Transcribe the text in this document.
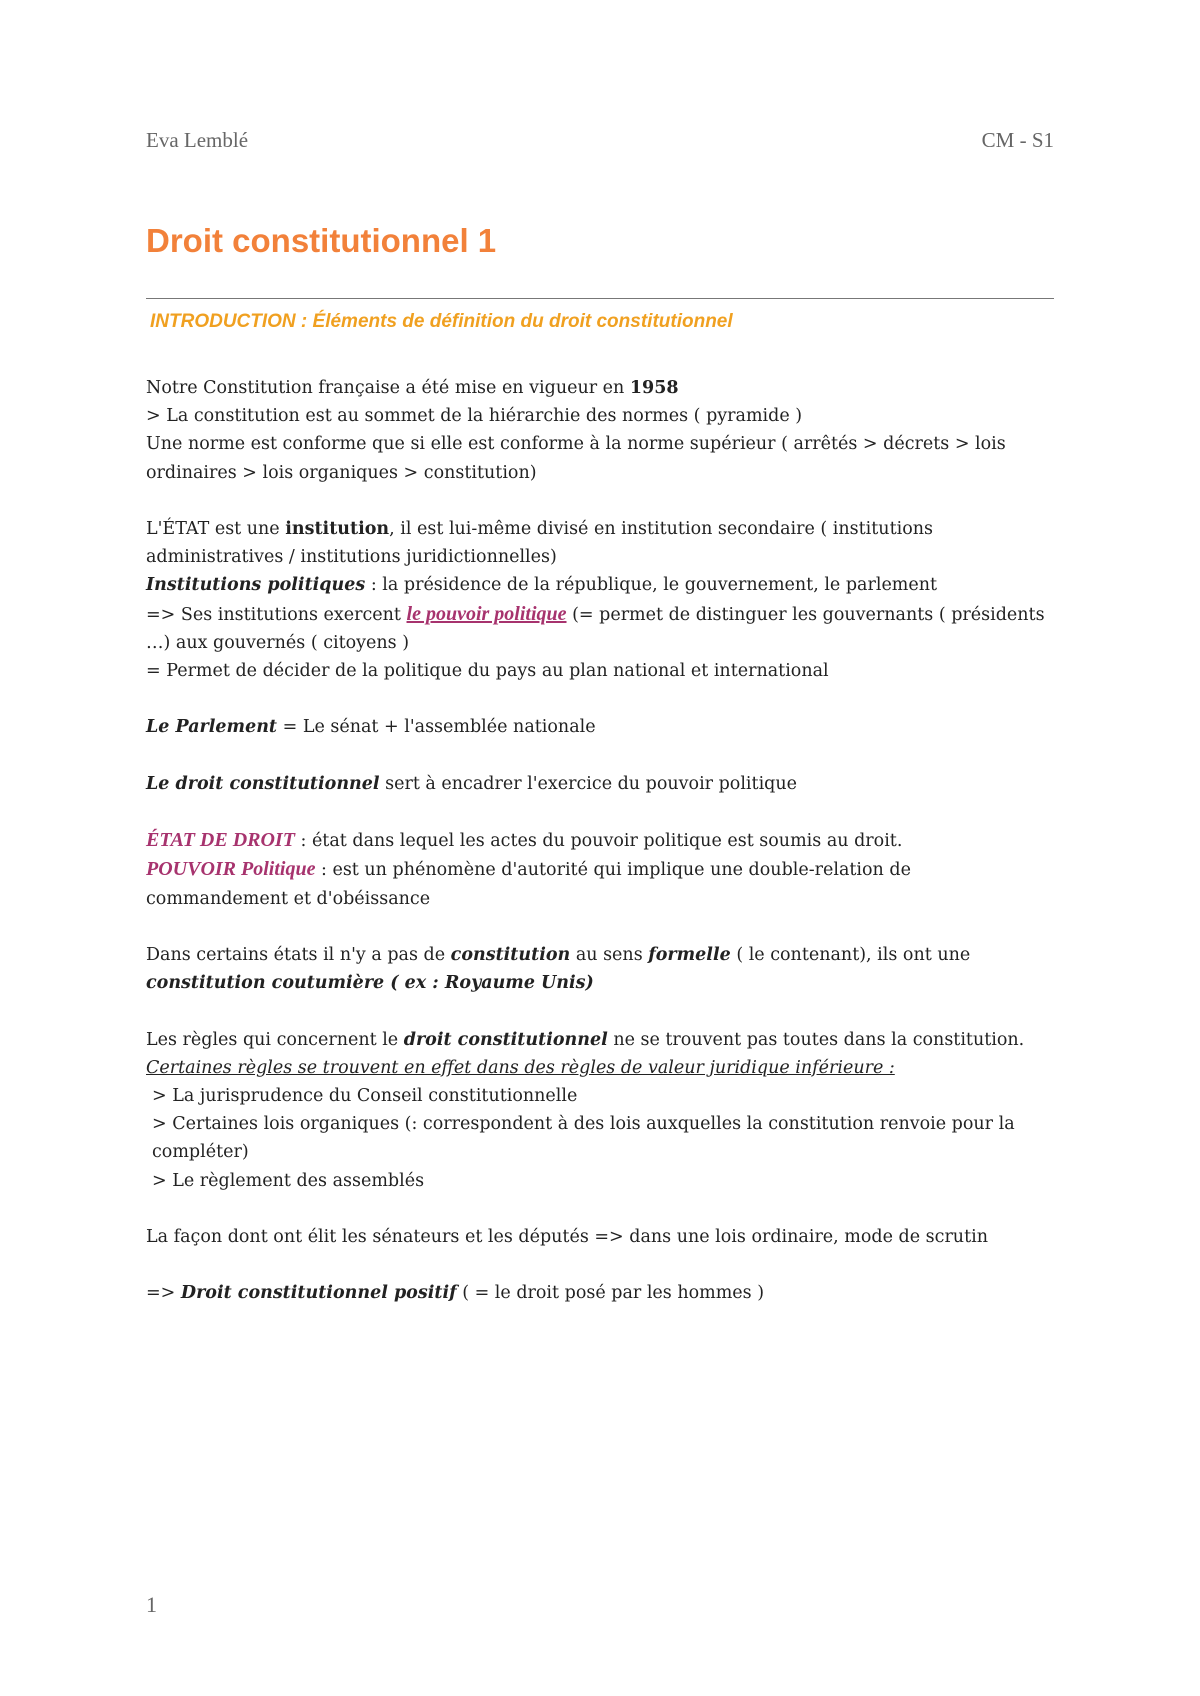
Eva Lemblé	CM - S1
Droit constitutionnel 1
INTRODUCTION : Éléments de définition du droit constitutionnel

Notre Constitution française a été mise en vigueur en 1958

> La constitution est au sommet de la hiérarchie des normes ( pyramide )

Une norme est conforme que si elle est conforme à la norme supérieur ( arrêtés > décrets > lois ordinaires > lois organiques > constitution)

L'ÉTAT est une institution, il est lui-même divisé en institution secondaire ( institutions administratives / institutions juridictionnelles)

Institutions politiques : la présidence de la république, le gouvernement, le parlement

=> Ses institutions exercent le pouvoir politique (= permet de distinguer les gouvernants ( présidents …) aux gouvernés ( citoyens )

= Permet de décider de la politique du pays au plan national et international

Le Parlement = Le sénat + l'assemblée nationale

Le droit constitutionnel sert à encadrer l'exercice du pouvoir politique

ÉTAT DE DROIT : état dans lequel les actes du pouvoir politique est soumis au droit.

POUVOIR Politique : est un phénomène d'autorité qui implique une double-relation de commandement et d'obéissance

Dans certains états il n'y a pas de constitution au sens formelle ( le contenant), ils ont une constitution coutumière ( ex : Royaume Unis)

Les règles qui concernent le droit constitutionnel ne se trouvent pas toutes dans la constitution.

Certaines règles se trouvent en effet dans des règles de valeur juridique inférieure :

> La jurisprudence du Conseil constitutionnelle

> Certaines lois organiques (: correspondent à des lois auxquelles la constitution renvoie pour la compléter)

> Le règlement des assemblés

La façon dont ont élit les sénateurs et les députés => dans une lois ordinaire, mode de scrutin

=> Droit constitutionnel positif ( = le droit posé par les hommes )

1
